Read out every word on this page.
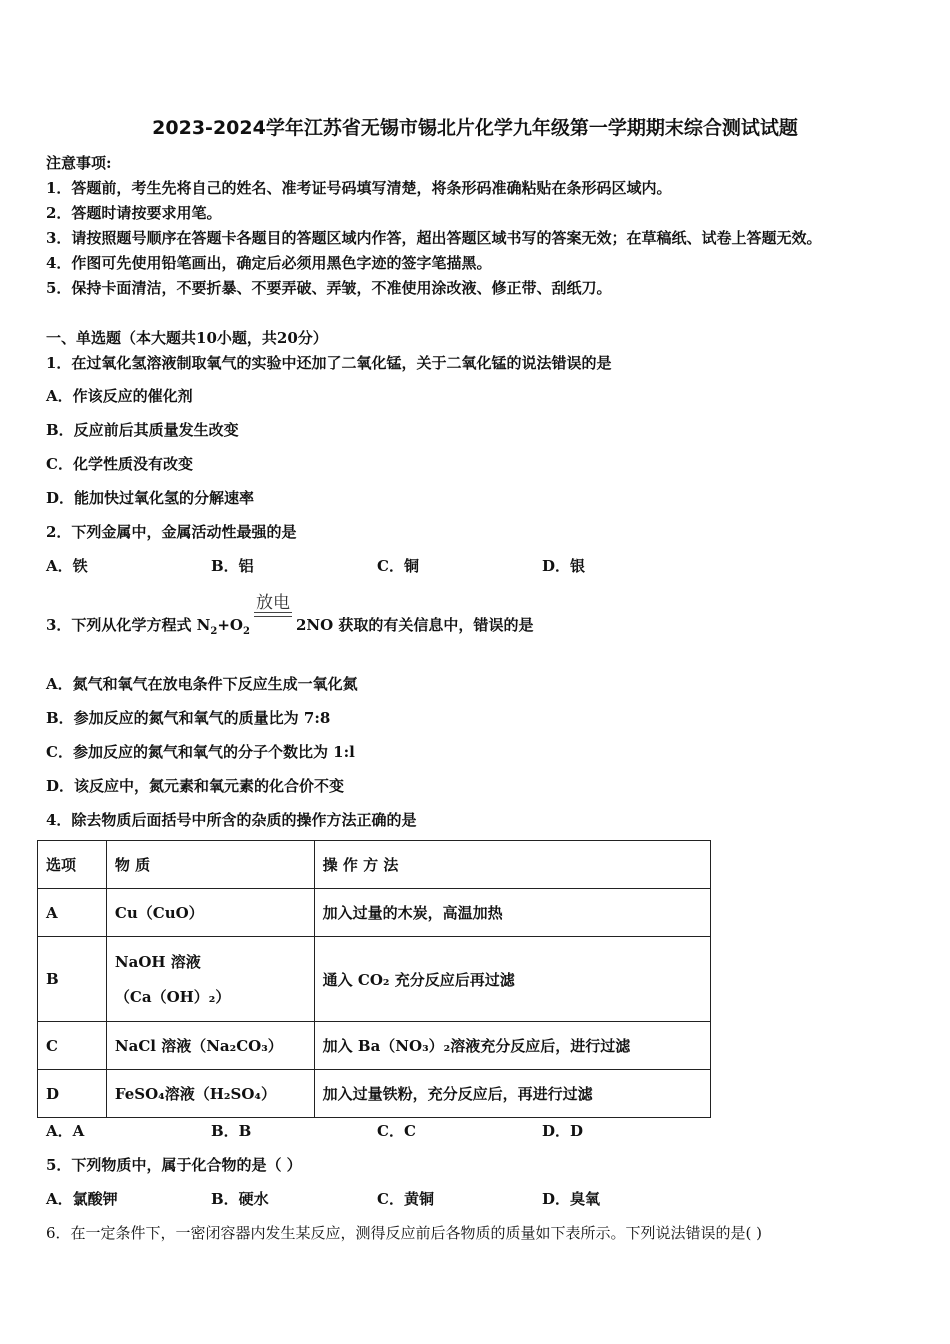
2023-2024学年江苏省无锡市锡北片化学九年级第一学期期末综合测试试题
注意事项:
1．答题前，考生先将自己的姓名、准考证号码填写清楚，将条形码准确粘贴在条形码区域内。
2．答题时请按要求用笔。
3．请按照题号顺序在答题卡各题目的答题区域内作答，超出答题区域书写的答案无效；在草稿纸、试卷上答题无效。
4．作图可先使用铅笔画出，确定后必须用黑色字迹的签字笔描黑。
5．保持卡面清洁，不要折暴、不要弄破、弄皱，不准使用涂改液、修正带、刮纸刀。
一、单选题（本大题共10小题，共20分）
1．在过氧化氢溶液制取氧气的实验中还加了二氧化锰，关于二氧化锰的说法错误的是
A．作该反应的催化剂
B．反应前后其质量发生改变
C．化学性质没有改变
D．能加快过氧化氢的分解速率
2．下列金属中，金属活动性最强的是
A．铁	B．铝	C．铜	D．银
3．下列从化学方程式 $N_2+O_2$
放电
2NO 获取的有关信息中，错误的是
A．氮气和氧气在放电条件下反应生成一氧化氮
B．参加反应的氮气和氧气的质量比为 7:8
C．参加反应的氮气和氧气的分子个数比为 1:l
D．该反应中，氮元素和氧元素的化合价不变
4．除去物质后面括号中所含的杂质的操作方法正确的是
选项	物 质	操 作 方 法
A	Cu（CuO）	加入过量的木炭，高温加热
B	NaOH 溶液
（Ca（OH）₂）	通入 CO₂ 充分反应后再过滤
C	NaCl 溶液（Na₂CO₃）	加入 Ba（NO₃）₂溶液充分反应后，进行过滤
D	FeSO₄溶液（H₂SO₄）	加入过量铁粉，充分反应后，再进行过滤
A．A	B．B	C．C	D．D
5．下列物质中，属于化合物的是（ ）
A．氯酸钾	B．硬水	C．黄铜	D．臭氧
6．在一定条件下，一密闭容器内发生某反应，测得反应前后各物质的质量如下表所示。下列说法错误的是( )
